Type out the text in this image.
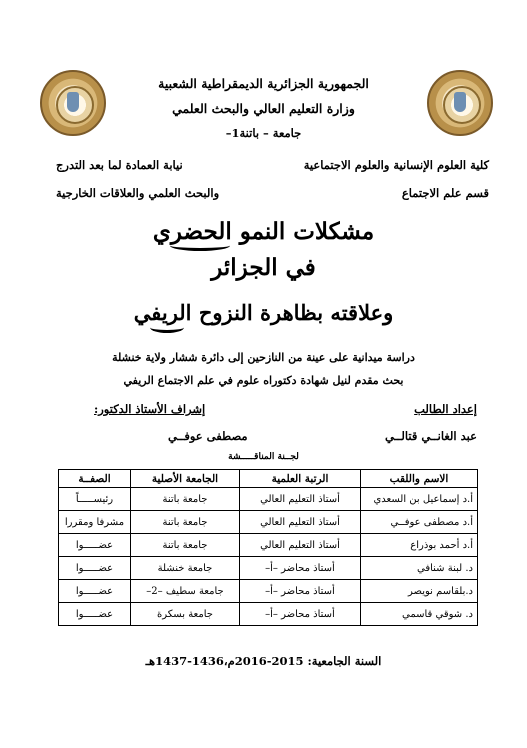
الجمهورية الجزائرية الديمقراطية الشعبية
وزارة التعليم العالي والبحث العلمي
جامعة – باتنة1–
كلية العلوم الإنسانية والعلوم الاجتماعية
قسم علم الاجتماع
نيابة العمادة لما بعد التدرج
والبحث العلمي والعلاقات الخارجية
مشكلات النمو الحضري
في الجزائر
وعلاقته بظاهرة النزوح الريفي
دراسة ميدانية على عينة من النازحين إلى دائرة ششار ولاية خنشلة
بحث مقدم لنيل شهادة دكتوراه علوم في علم الاجتماع الريفي
إعداد الطالب
إشراف الأستاذ الدكتور:
عبد الغانــي قتالــي
مصطفى عوفــي
لجــنة المناقـــــشة
الاسم واللقب	الرتبة العلمية	الجامعة الأصلية	الصفــة
أ.د إسماعيل بن السعدي	أستاذ التعليم العالي	جامعة باتنة	رئيســـــاً
أ.د مصطفى عوفــي	أستاذ التعليم العالي	جامعة باتنة	مشرفا ومقررا
أ.د أحمد بوذراع	أستاذ التعليم العالي	جامعة باتنة	عضـــــوا
د. لبنة شنافي	أستاذ محاضر –أ–	جامعة خنشلة	عضـــــوا
د.بلقاسم نويصر	أستاذ محاضر –أ–	جامعة سطيف –2–	عضـــــوا
د. شوقي قاسمي	أستاذ محاضر –أ–	جامعة بسكرة	عضـــــوا
السنة الجامعية: 2015-2016م،1436-1437هـ
